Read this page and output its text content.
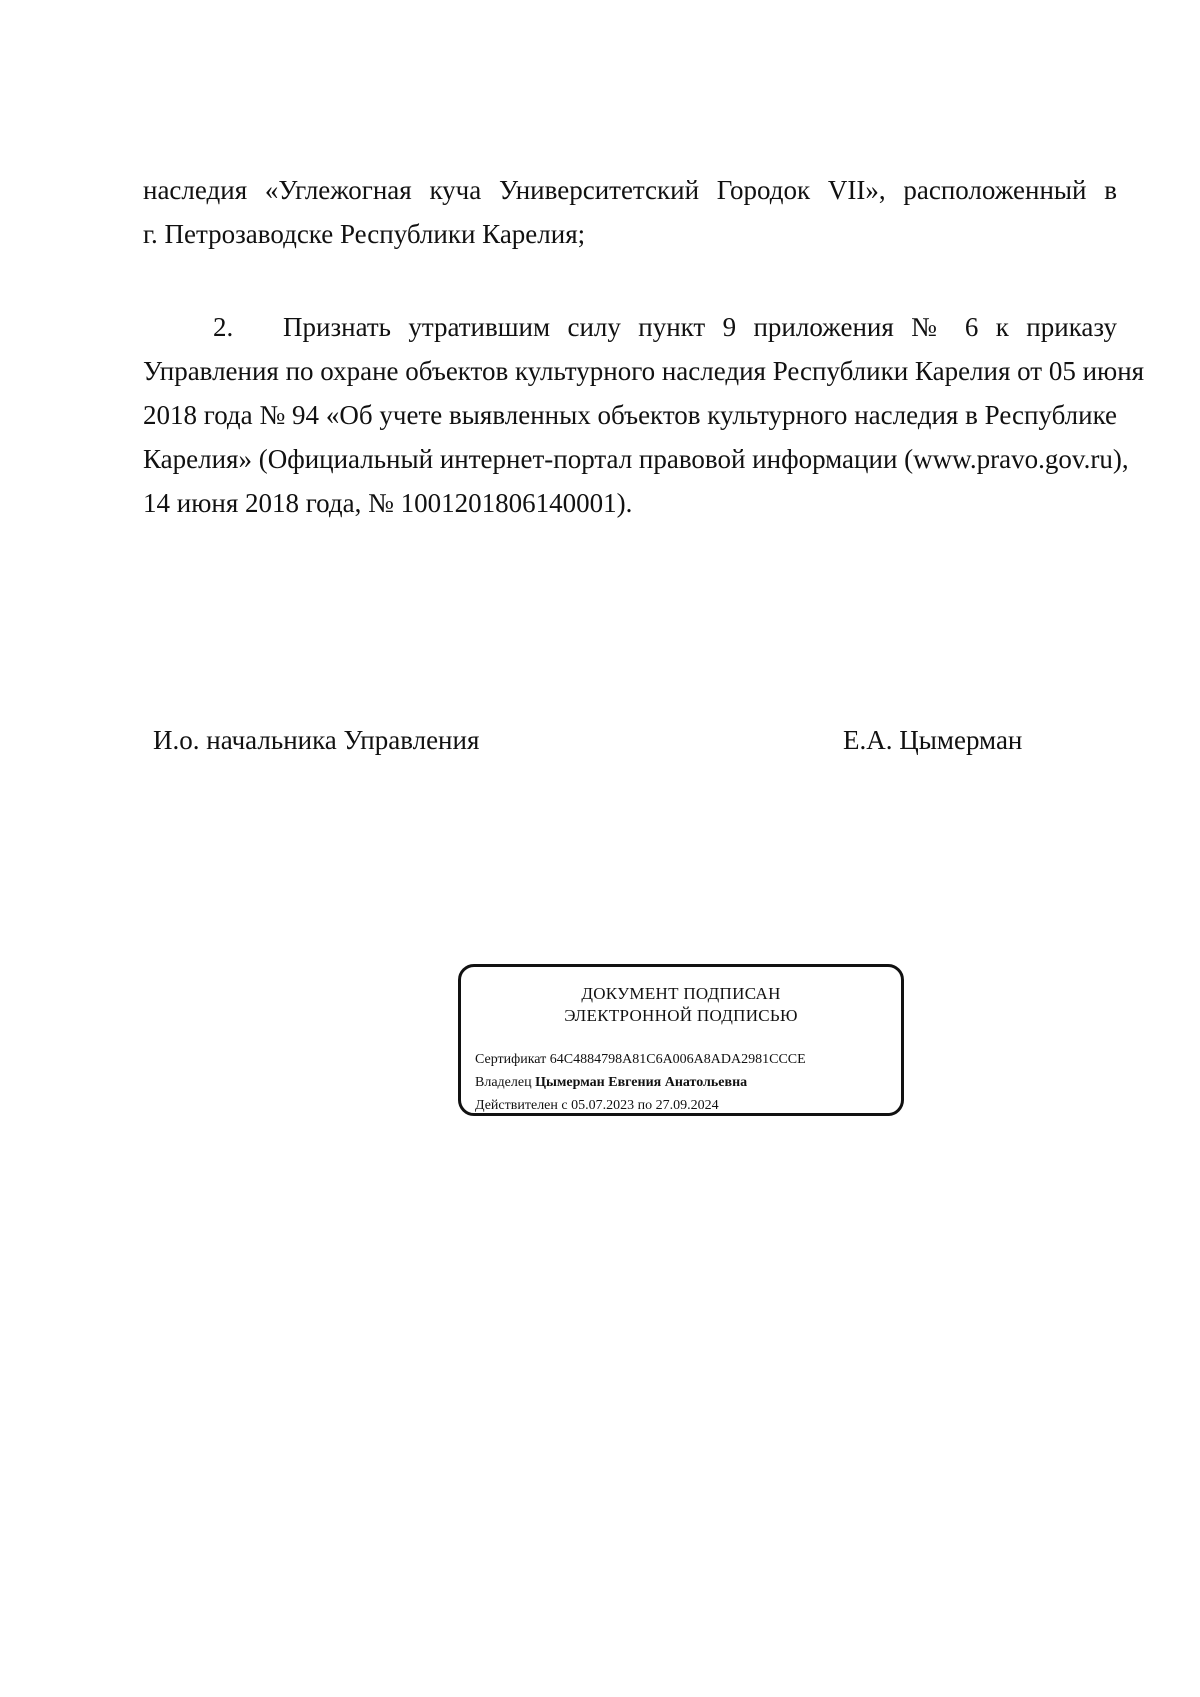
наследия «Углежогная куча Университетский Городок VII», расположенный в
г. Петрозаводске Республики Карелия;
2. Признать утратившим силу пункт 9 приложения № 6 к приказу
Управления по охране объектов культурного наследия Республики Карелия от 05 июня
2018 года № 94 «Об учете выявленных объектов культурного наследия в Республике
Карелия» (Официальный интернет-портал правовой информации (www.pravo.gov.ru),
14 июня 2018 года, № 1001201806140001).
И.о. начальника Управления	Е.А. Цымерман
ДОКУМЕНТ ПОДПИСАН
ЭЛЕКТРОННОЙ ПОДПИСЬЮ
Сертификат 64C4884798A81C6A006A8ADA2981CCCE
Владелец Цымерман Евгения Анатольевна
Действителен с 05.07.2023 по 27.09.2024
